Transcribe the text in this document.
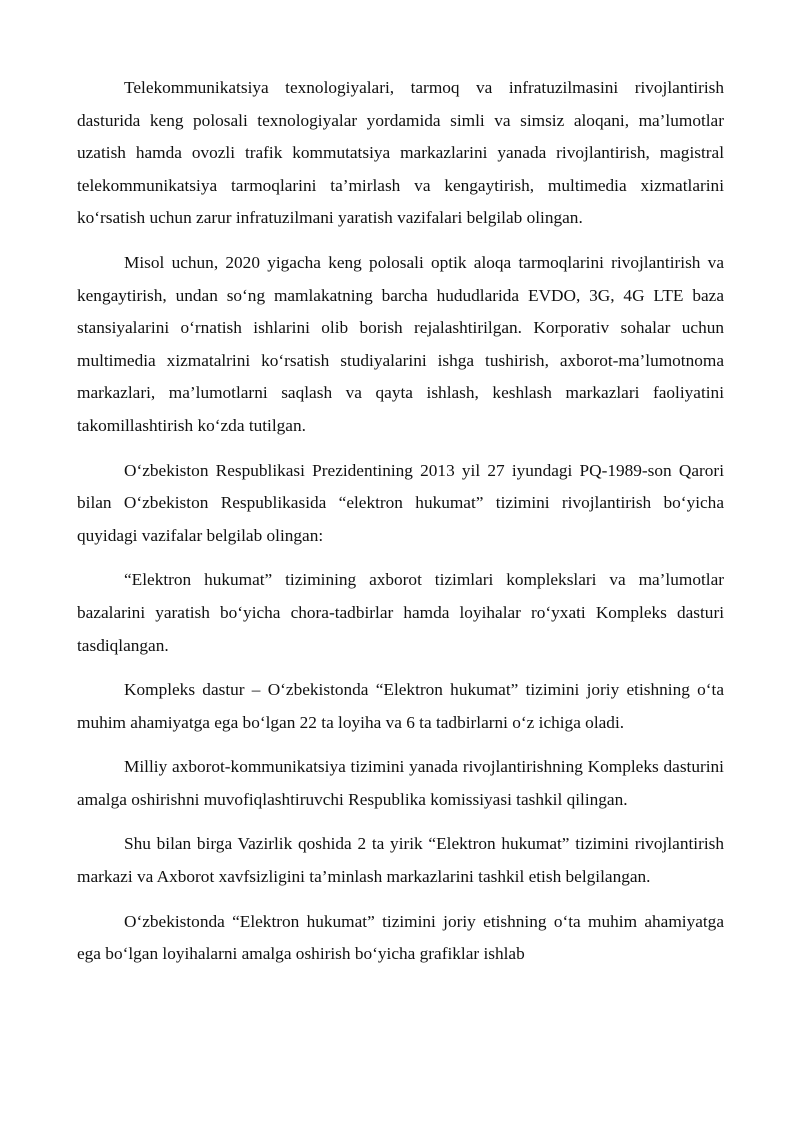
Telekommunikatsiya texnologiyalari, tarmoq va infratuzilmasini rivojlantirish dasturida keng polosali texnologiyalar yordamida simli va simsiz aloqani, ma’lumotlar uzatish hamda ovozli trafik kommutatsiya markazlarini yanada rivojlantirish, magistral telekommunikatsiya tarmoqlarini ta’mirlash va kengaytirish, multimedia xizmatlarini ko‘rsatish uchun zarur infratuzilmani yaratish vazifalari belgilab olingan.

Misol uchun, 2020 yigacha keng polosali optik aloqa tarmoqlarini rivojlantirish va kengaytirish, undan so‘ng mamlakatning barcha hududlarida EVDO, 3G, 4G LTE baza stansiyalarini o‘rnatish ishlarini olib borish rejalashtirilgan. Korporativ sohalar uchun multimedia xizmatalrini ko‘rsatish studiyalarini ishga tushirish, axborot-ma’lumotnoma markazlari, ma’lumotlarni saqlash va qayta ishlash, keshlash markazlari faoliyatini takomillashtirish ko‘zda tutilgan.

O‘zbekiston Respublikasi Prezidentining 2013 yil 27 iyundagi PQ-1989-son Qarori bilan O‘zbekiston Respublikasida “elektron hukumat” tizimini rivojlantirish bo‘yicha quyidagi vazifalar belgilab olingan:

“Elektron hukumat” tizimining axborot tizimlari komplekslari va ma’lumotlar bazalarini yaratish bo‘yicha chora-tadbirlar hamda loyihalar ro‘yxati Kompleks dasturi tasdiqlangan.

Kompleks dastur – O‘zbekistonda “Elektron hukumat” tizimini joriy etishning o‘ta muhim ahamiyatga ega bo‘lgan 22 ta loyiha va 6 ta tadbirlarni o‘z ichiga oladi.

Milliy axborot-kommunikatsiya tizimini yanada rivojlantirishning Kompleks dasturini amalga oshirishni muvofiqlashtiruvchi Respublika komissiyasi tashkil qilingan.

Shu bilan birga Vazirlik qoshida 2 ta yirik “Elektron hukumat” tizimini rivojlantirish markazi va Axborot xavfsizligini ta’minlash markazlarini tashkil etish belgilangan.

O‘zbekistonda “Elektron hukumat” tizimini joriy etishning o‘ta muhim ahamiyatga ega bo‘lgan loyihalarni amalga oshirish bo‘yicha grafiklar ishlab
